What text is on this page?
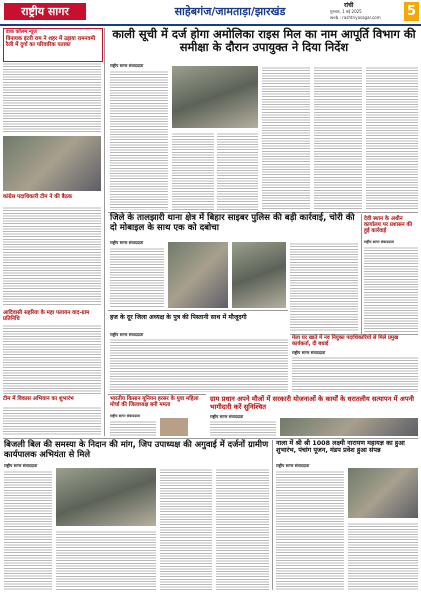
राष्ट्रीय सागर	साहेबगंज/जामताड़ा/झारखंड	रांची
गुरुवार, 1 मई 2025
web : rashtriyasagar.com 5
डाक कॉलम न्यूज
विनायक इंटरी राम ने शहर में उड़ाया रामनवमी रैली में दुर्गा का परिवारिक पताका
कांग्रेस पदाधिकारी टीम ने की बैठक
आदिवासी सहरिया के महा पलायन वाद-ग्राम प्रतिनिधि
टीम में विकास अभियान का शुभारंभ
काली सूची में दर्ज होगा अमोलिका राइस मिल का नाम आपूर्ति विभाग की समीक्षा के दौरान उपायुक्त ने दिया निर्देश
राष्ट्रीय सागर संवाददाता
जिले के तालझारी थाना क्षेत्र में बिहार साइबर पुलिस की बड़ी कार्रवाई, चोरी की दो मोबाइल के साथ एक को दबोचा
राष्ट्रीय सागर संवाददाता
देवी स्थान के अधीन कार्यालय पर प्रशासन की हुई कार्रवाई
राष्ट्रीय सागर संवाददाता
हज के दूर जिला अध्यक्ष के पुत्र की पिस्तानी साथ में मौजूदगी
राष्ट्रीय सागर संवाददाता
मेला घर खाते में नव नियुक्त पदाधिकारियों से मिले प्रमुख कार्यकर्ता, दी बधाई
राष्ट्रीय सागर संवाददाता
भारतीय किसान यूनियन हरसर के युवा महिला मोर्चा की जिलाध्यक्ष बनी ममता
राष्ट्रीय सागर संवाददाता
ग्राम प्रधान अपने मौजों में सरकारी योजनाओं के कार्यों के धरातलीय सत्यापन में अपनी भागीदारी करें सुनिश्चित
राष्ट्रीय सागर संवाददाता
बिजली बिल की समस्या के निदान की मांग, जिप उपाध्यक्ष की अगुवाई में दर्जनों ग्रामीण कार्यपालक अभियंता से मिले
राष्ट्रीय सागर संवाददाता
नाला में श्री श्री 1008 लक्ष्मी नारायण महायज्ञ का हुआ शुभारंभ, पंचांग पूजन, मंडप प्रवेश हुआ संपन्न
राष्ट्रीय सागर संवाददाता
